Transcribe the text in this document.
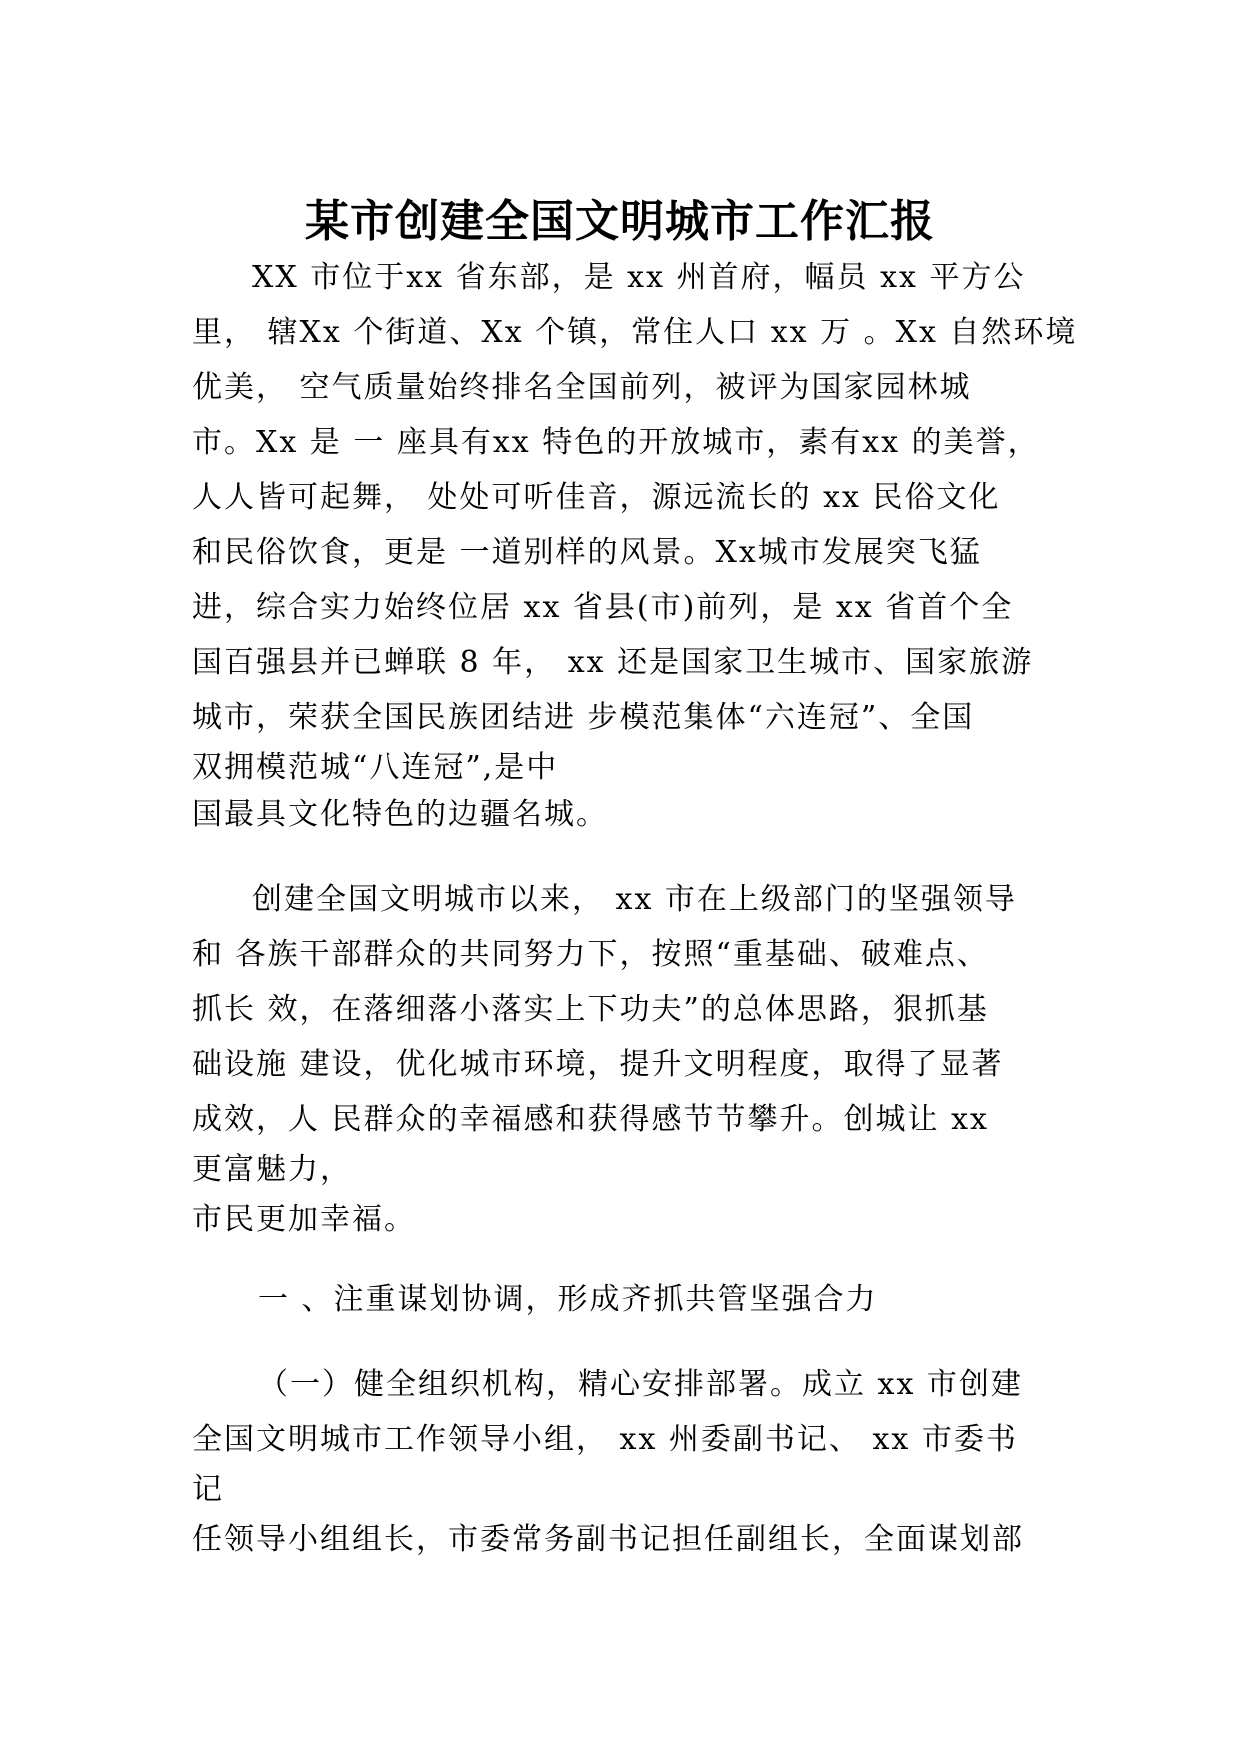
某市创建全国文明城市工作汇报
XX 市位于xx 省东部，是 xx 州首府，幅员 xx 平方公
里， 辖Xx 个街道、Xx 个镇，常住人口 xx 万 。Xx 自然环境
优美， 空气质量始终排名全国前列，被评为国家园林城
市。Xx 是 一 座具有xx 特色的开放城市，素有xx 的美誉，
人人皆可起舞， 处处可听佳音，源远流长的 xx 民俗文化
和民俗饮食，更是 一道别样的风景。Xx城市发展突飞猛
进，综合实力始终位居 xx 省县(市)前列，是 xx 省首个全
国百强县并已蝉联 8 年， xx 还是国家卫生城市、国家旅游
城市，荣获全国民族团结进 步模范集体“六连冠”、全国
双拥模范城“八连冠”,是中
国最具文化特色的边疆名城。
创建全国文明城市以来， xx 市在上级部门的坚强领导
和 各族干部群众的共同努力下，按照“重基础、破难点、
抓长 效，在落细落小落实上下功夫”的总体思路，狠抓基
础设施 建设，优化城市环境，提升文明程度，取得了显著
成效，人 民群众的幸福感和获得感节节攀升。创城让 xx
更富魅力，
市民更加幸福。
一 、注重谋划协调，形成齐抓共管坚强合力
（一）健全组织机构，精心安排部署。成立 xx 市创建
全国文明城市工作领导小组， xx 州委副书记、 xx 市委书
记
任领导小组组长，市委常务副书记担任副组长，全面谋划部
